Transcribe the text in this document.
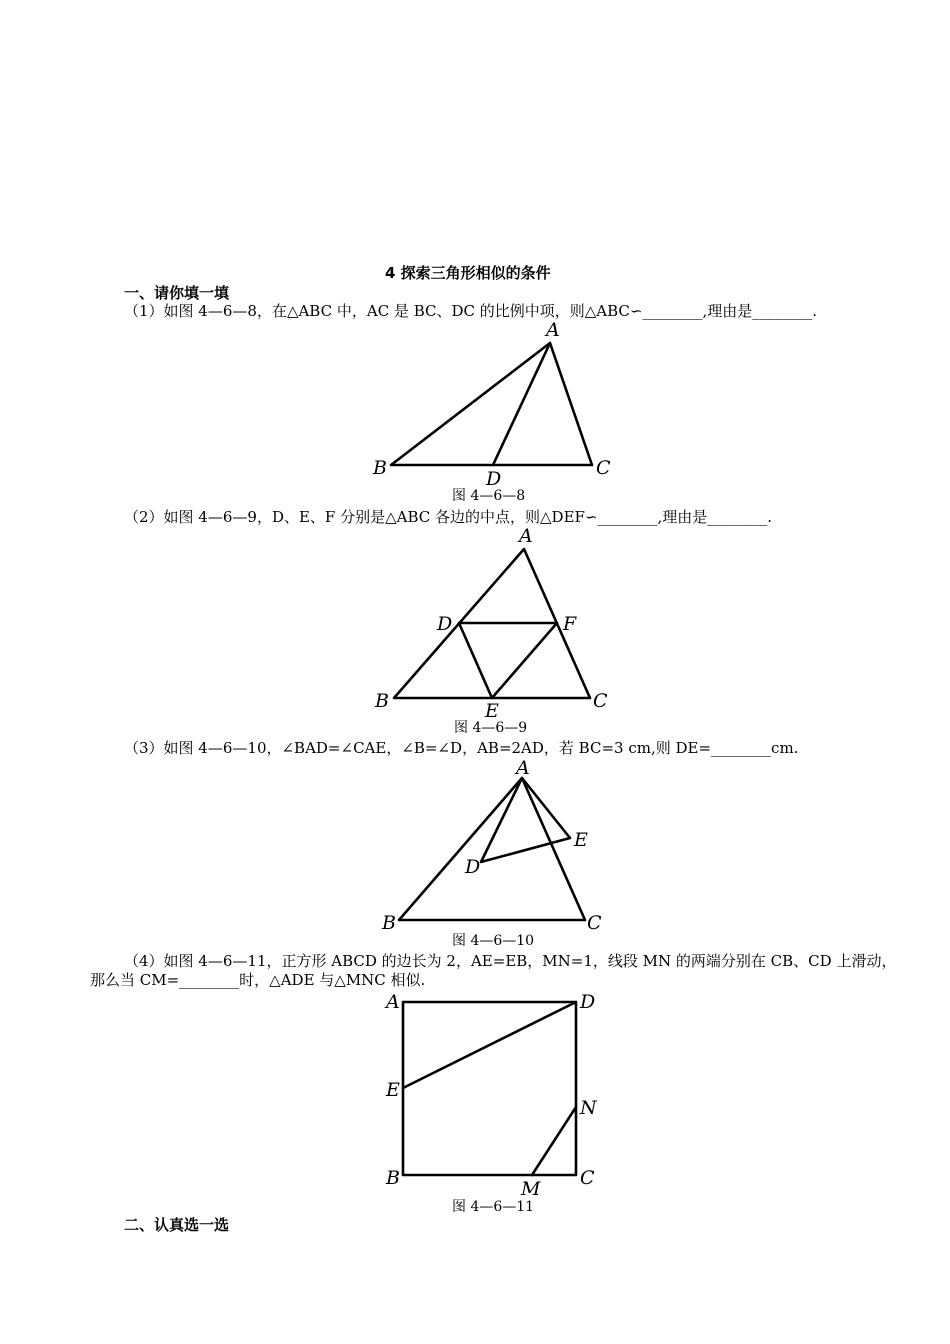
4 探索三角形相似的条件
一、请你填一填
（1）如图 4—6—8，在△ABC 中，AC 是 BC、DC 的比例中项，则△ABC∽________,理由是________.
A
B	C
D
图 4—6—8
（2）如图 4—6—9，D、E、F 分别是△ABC 各边的中点，则△DEF∽________,理由是________.
A
B	C
D
E
F
图 4—6—9
（3）如图 4—6—10，∠BAD=∠CAE，∠B=∠D，AB=2AD，若 BC=3 cm,则 DE=________cm.
A
B	C
D
E
图 4—6—10
（4）如图 4—6—11，正方形 ABCD 的边长为 2，AE=EB，MN=1，线段 MN 的两端分别在 CB、CD 上滑动，
那么当 CM=________时，△ADE 与△MNC 相似.
A	D
E
N
B	C
M
图 4—6—11
二、认真选一选
